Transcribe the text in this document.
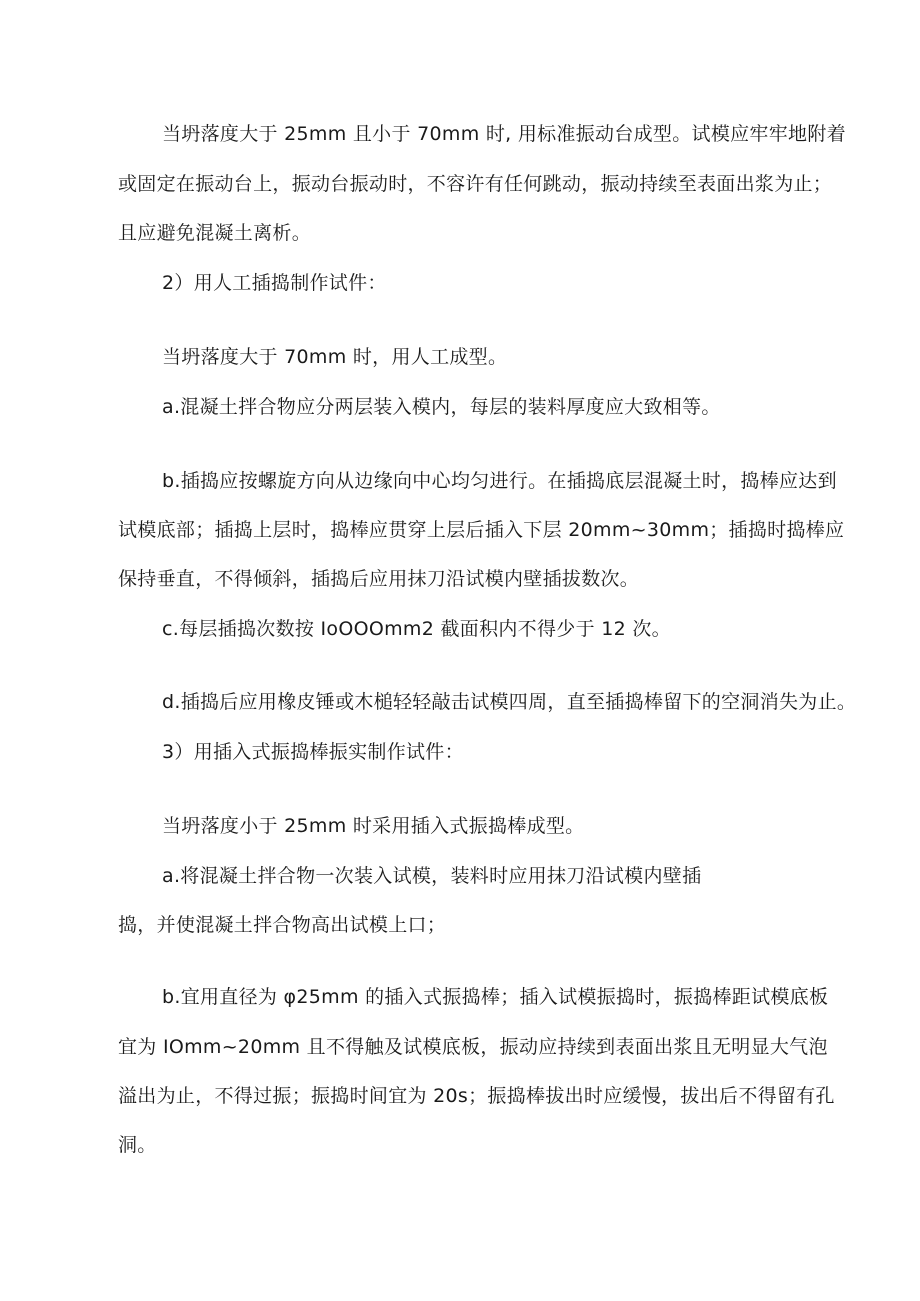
当坍落度大于 25mm 且小于 70mm 时, 用标准振动台成型。试模应牢牢地附着
或固定在振动台上，振动台振动时，不容许有任何跳动，振动持续至表面出浆为止；
且应避免混凝土离析。
2）用人工插捣制作试件：
当坍落度大于 70mm 时，用人工成型。
a.混凝土拌合物应分两层装入模内，每层的装料厚度应大致相等。
b.插捣应按螺旋方向从边缘向中心均匀进行。在插捣底层混凝土时，捣棒应达到
试模底部；插捣上层时，捣棒应贯穿上层后插入下层 20mm~30mm；插捣时捣棒应
保持垂直，不得倾斜，插捣后应用抹刀沿试模内壁插拔数次。
c.每层插捣次数按 IoOOOmm2 截面积内不得少于 12 次。
d.插捣后应用橡皮锤或木槌轻轻敲击试模四周，直至插捣棒留下的空洞消失为止。
3）用插入式振捣棒振实制作试件：
当坍落度小于 25mm 时采用插入式振捣棒成型。
a.将混凝土拌合物一次装入试模，装料时应用抹刀沿试模内壁插
捣，并使混凝土拌合物高出试模上口；
b.宜用直径为 φ25mm 的插入式振捣棒；插入试模振捣时，振捣棒距试模底板
宜为 IOmm~20mm 且不得触及试模底板，振动应持续到表面出浆且无明显大气泡
溢出为止，不得过振；振捣时间宜为 20s；振捣棒拔出时应缓慢，拔出后不得留有孔
洞。
